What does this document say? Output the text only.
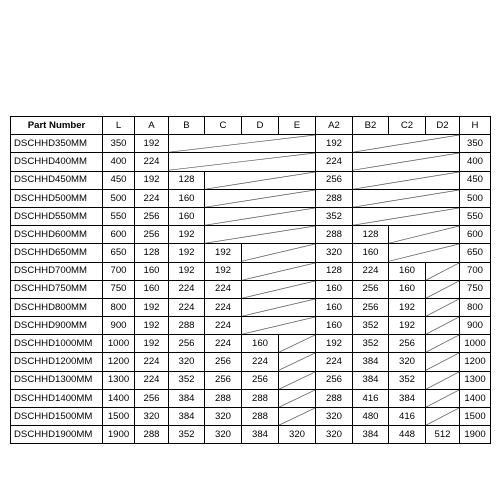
Part Number	L	A	B	C	D	E	A2	B2	C2	D2	H
DSCHHD350MM	350	192					192				350
DSCHHD400MM	400	224					224				400
DSCHHD450MM	450	192	128				256				450
DSCHHD500MM	500	224	160				288				500
DSCHHD550MM	550	256	160				352				550
DSCHHD600MM	600	256	192				288	128			600
DSCHHD650MM	650	128	192	192			320	160			650
DSCHHD700MM	700	160	192	192			128	224	160		700
DSCHHD750MM	750	160	224	224			160	256	160		750
DSCHHD800MM	800	192	224	224			160	256	192		800
DSCHHD900MM	900	192	288	224			160	352	192		900
DSCHHD1000MM	1000	192	256	224	160		192	352	256		1000
DSCHHD1200MM	1200	224	320	256	224		224	384	320		1200
DSCHHD1300MM	1300	224	352	256	256		256	384	352		1300
DSCHHD1400MM	1400	256	384	288	288		288	416	384		1400
DSCHHD1500MM	1500	320	384	320	288		320	480	416		1500
DSCHHD1900MM	1900	288	352	320	384	320	320	384	448	512	1900
